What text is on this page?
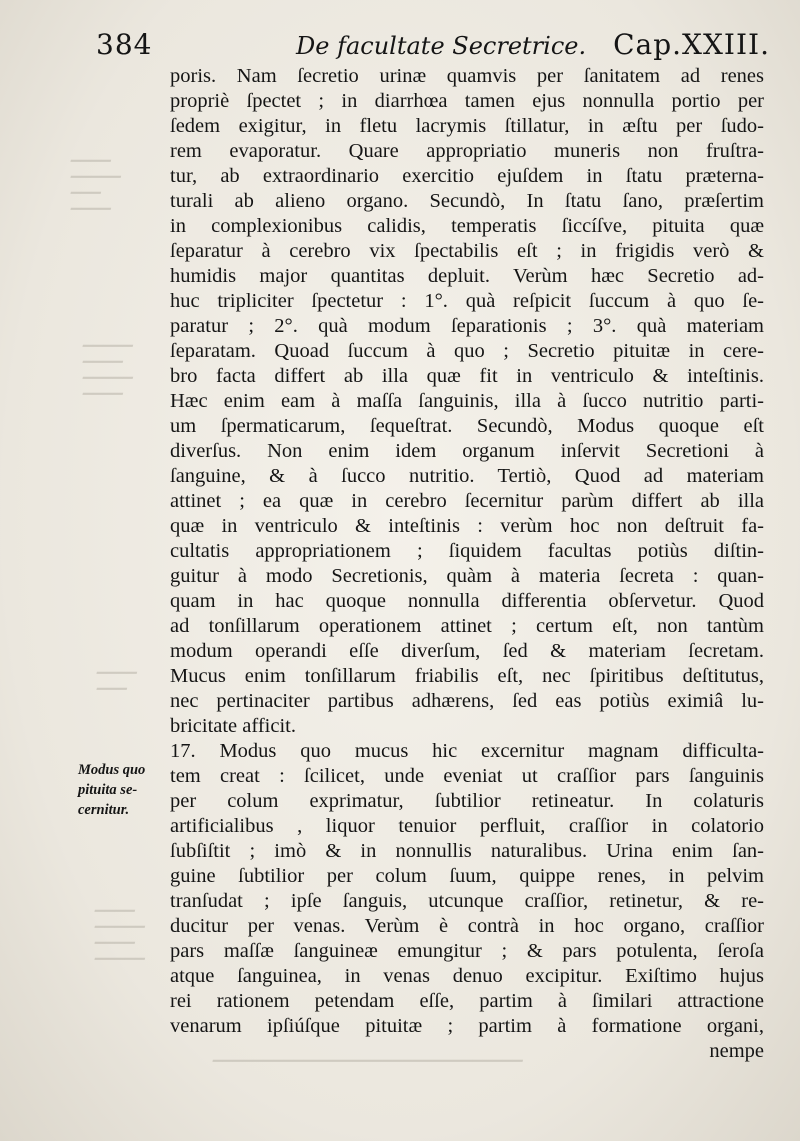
384	De facultate Secretrice. Cap.XXIII.
▔▔▔▔
▔▔▔▔▔
▔▔▔
▔▔▔▔
▔▔▔▔▔
▔▔▔▔
▔▔▔▔▔
▔▔▔▔
▔▔▔▔
▔▔▔
▔▔▔▔
▔▔▔▔▔
▔▔▔▔
▔▔▔▔▔
▔▔▔▔▔▔▔▔▔▔▔▔▔▔▔▔▔▔▔▔▔▔▔▔▔▔▔▔▔▔▔
Modus quo
pituita se-
cernitur.
poris. Nam ſecretio urinæ quamvis per ſanitatem ad renes
propriè ſpectet ; in diarrhœa tamen ejus nonnulla portio per
ſedem exigitur, in fletu lacrymis ſtillatur, in æſtu per ſudo-
rem evaporatur. Quare appropriatio muneris non fruſtra-
tur, ab extraordinario exercitio ejuſdem in ſtatu præterna-
turali ab alieno organo. Secundò, In ſtatu ſano, præſertim
in complexionibus calidis, temperatis ſiccíſve, pituita quæ
ſeparatur à cerebro vix ſpectabilis eſt ; in frigidis verò &
humidis major quantitas depluit. Verùm hæc Secretio ad-
huc tripliciter ſpectetur : 1°. quà reſpicit ſuccum à quo ſe-
paratur ; 2°. quà modum ſeparationis ; 3°. quà materiam
ſeparatam. Quoad ſuccum à quo ; Secretio pituitæ in cere-
bro facta differt ab illa quæ fit in ventriculo & inteſtinis.
Hæc enim eam à maſſa ſanguinis, illa à ſucco nutritio parti-
um ſpermaticarum, ſequeſtrat. Secundò, Modus quoque eſt
diverſus. Non enim idem organum inſervit Secretioni à
ſanguine, & à ſucco nutritio. Tertiò, Quod ad materiam
attinet ; ea quæ in cerebro ſecernitur parùm differt ab illa
quæ in ventriculo & inteſtinis : verùm hoc non deſtruit fa-
cultatis appropriationem ; ſiquidem facultas potiùs diſtin-
guitur à modo Secretionis, quàm à materia ſecreta : quan-
quam in hac quoque nonnulla differentia obſervetur. Quod
ad tonſillarum operationem attinet ; certum eſt, non tantùm
modum operandi eſſe diverſum, ſed & materiam ſecretam.
Mucus enim tonſillarum friabilis eſt, nec ſpiritibus deſtitutus,
nec pertinaciter partibus adhærens, ſed eas potiùs eximiâ lu-
bricitate afficit.
17. Modus quo mucus hic excernitur magnam difficulta-
tem creat : ſcilicet, unde eveniat ut craſſior pars ſanguinis
per colum exprimatur, ſubtilior retineatur. In colaturis
artificialibus , liquor tenuior perfluit, craſſior in colatorio
ſubſiſtit ; imò & in nonnullis naturalibus. Urina enim ſan-
guine ſubtilior per colum ſuum, quippe renes, in pelvim
tranſudat ; ipſe ſanguis, utcunque craſſior, retinetur, & re-
ducitur per venas. Verùm è contrà in hoc organo, craſſior
pars maſſæ ſanguineæ emungitur ; & pars potulenta, ſeroſa
atque ſanguinea, in venas denuo excipitur. Exiſtimo hujus
rei rationem petendam eſſe, partim à ſimilari attractione
venarum ipſiúſque pituitæ ; partim à formatione organi,
nempe
